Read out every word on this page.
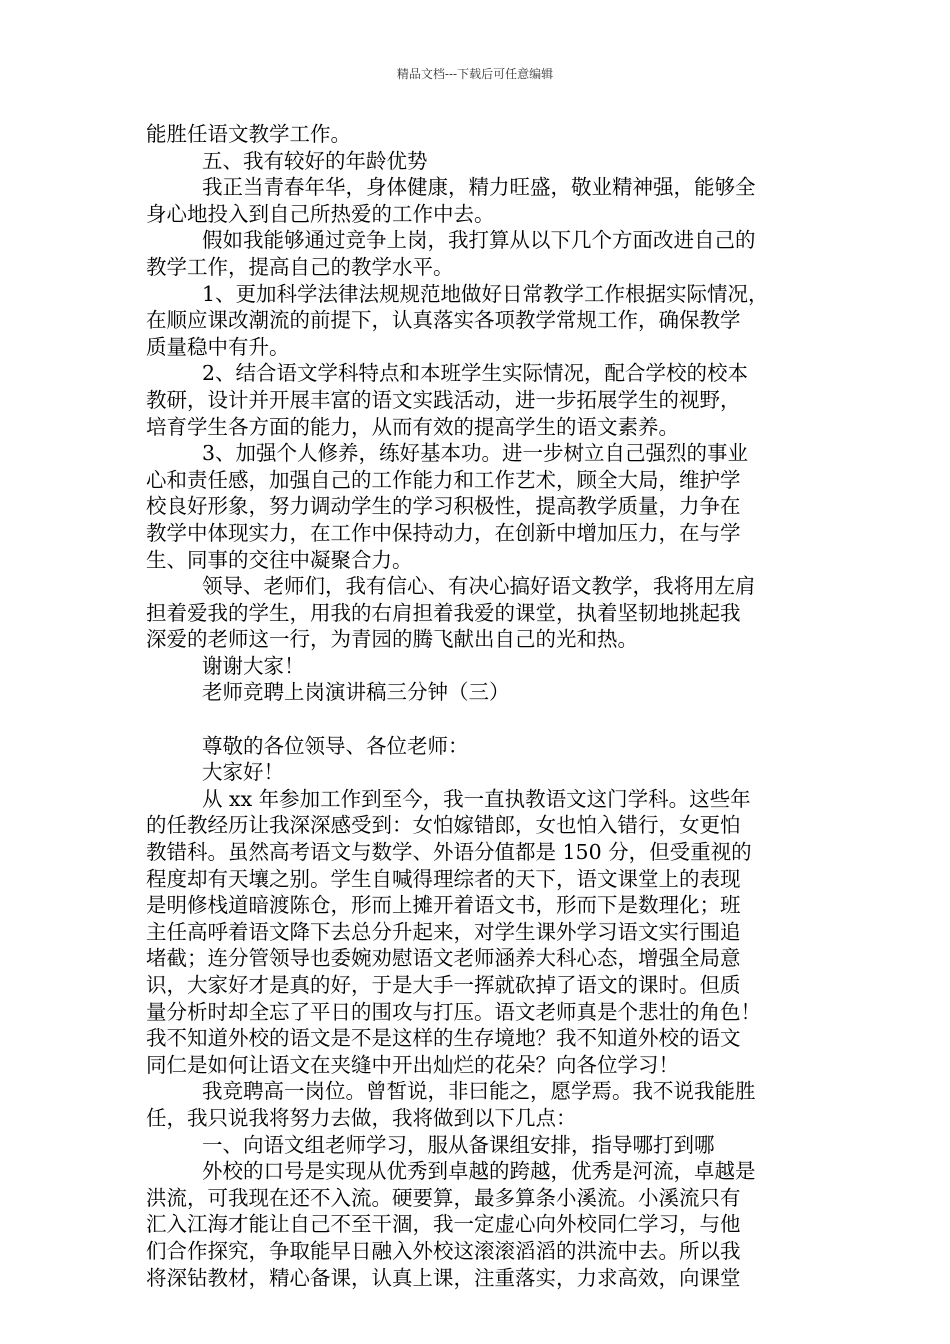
精品文档---下载后可任意编辑
能胜任语文教学工作。
五、我有较好的年龄优势
我正当青春年华，身体健康，精力旺盛，敬业精神强，能够全
身心地投入到自己所热爱的工作中去。
假如我能够通过竞争上岗，我打算从以下几个方面改进自己的
教学工作，提高自己的教学水平。
1、更加科学法律法规规范地做好日常教学工作根据实际情况，
在顺应课改潮流的前提下，认真落实各项教学常规工作，确保教学
质量稳中有升。
2、结合语文学科特点和本班学生实际情况，配合学校的校本
教研，设计并开展丰富的语文实践活动，进一步拓展学生的视野，
培育学生各方面的能力，从而有效的提高学生的语文素养。
3、加强个人修养，练好基本功。进一步树立自己强烈的事业
心和责任感，加强自己的工作能力和工作艺术，顾全大局，维护学
校良好形象，努力调动学生的学习积极性，提高教学质量，力争在
教学中体现实力，在工作中保持动力，在创新中增加压力，在与学
生、同事的交往中凝聚合力。
领导、老师们，我有信心、有决心搞好语文教学，我将用左肩
担着爱我的学生，用我的右肩担着我爱的课堂，执着坚韧地挑起我
深爱的老师这一行，为青园的腾飞献出自己的光和热。
谢谢大家！
老师竞聘上岗演讲稿三分钟（三）
尊敬的各位领导、各位老师：
大家好！
从 xx 年参加工作到至今，我一直执教语文这门学科。这些年
的任教经历让我深深感受到：女怕嫁错郎，女也怕入错行，女更怕
教错科。虽然高考语文与数学、外语分值都是 150 分，但受重视的
程度却有天壤之别。学生自喊得理综者的天下，语文课堂上的表现
是明修栈道暗渡陈仓，形而上摊开着语文书，形而下是数理化；班
主任高呼着语文降下去总分升起来，对学生课外学习语文实行围追
堵截；连分管领导也委婉劝慰语文老师涵养大科心态，增强全局意
识，大家好才是真的好，于是大手一挥就砍掉了语文的课时。但质
量分析时却全忘了平日的围攻与打压。语文老师真是个悲壮的角色！
我不知道外校的语文是不是这样的生存境地？我不知道外校的语文
同仁是如何让语文在夹缝中开出灿烂的花朵？向各位学习！
我竞聘高一岗位。曾皙说，非曰能之，愿学焉。我不说我能胜
任，我只说我将努力去做，我将做到以下几点：
一、向语文组老师学习，服从备课组安排，指导哪打到哪
外校的口号是实现从优秀到卓越的跨越，优秀是河流，卓越是
洪流，可我现在还不入流。硬要算，最多算条小溪流。小溪流只有
汇入江海才能让自己不至干涸，我一定虚心向外校同仁学习，与他
们合作探究，争取能早日融入外校这滚滚滔滔的洪流中去。所以我
将深钻教材，精心备课，认真上课，注重落实，力求高效，向课堂
